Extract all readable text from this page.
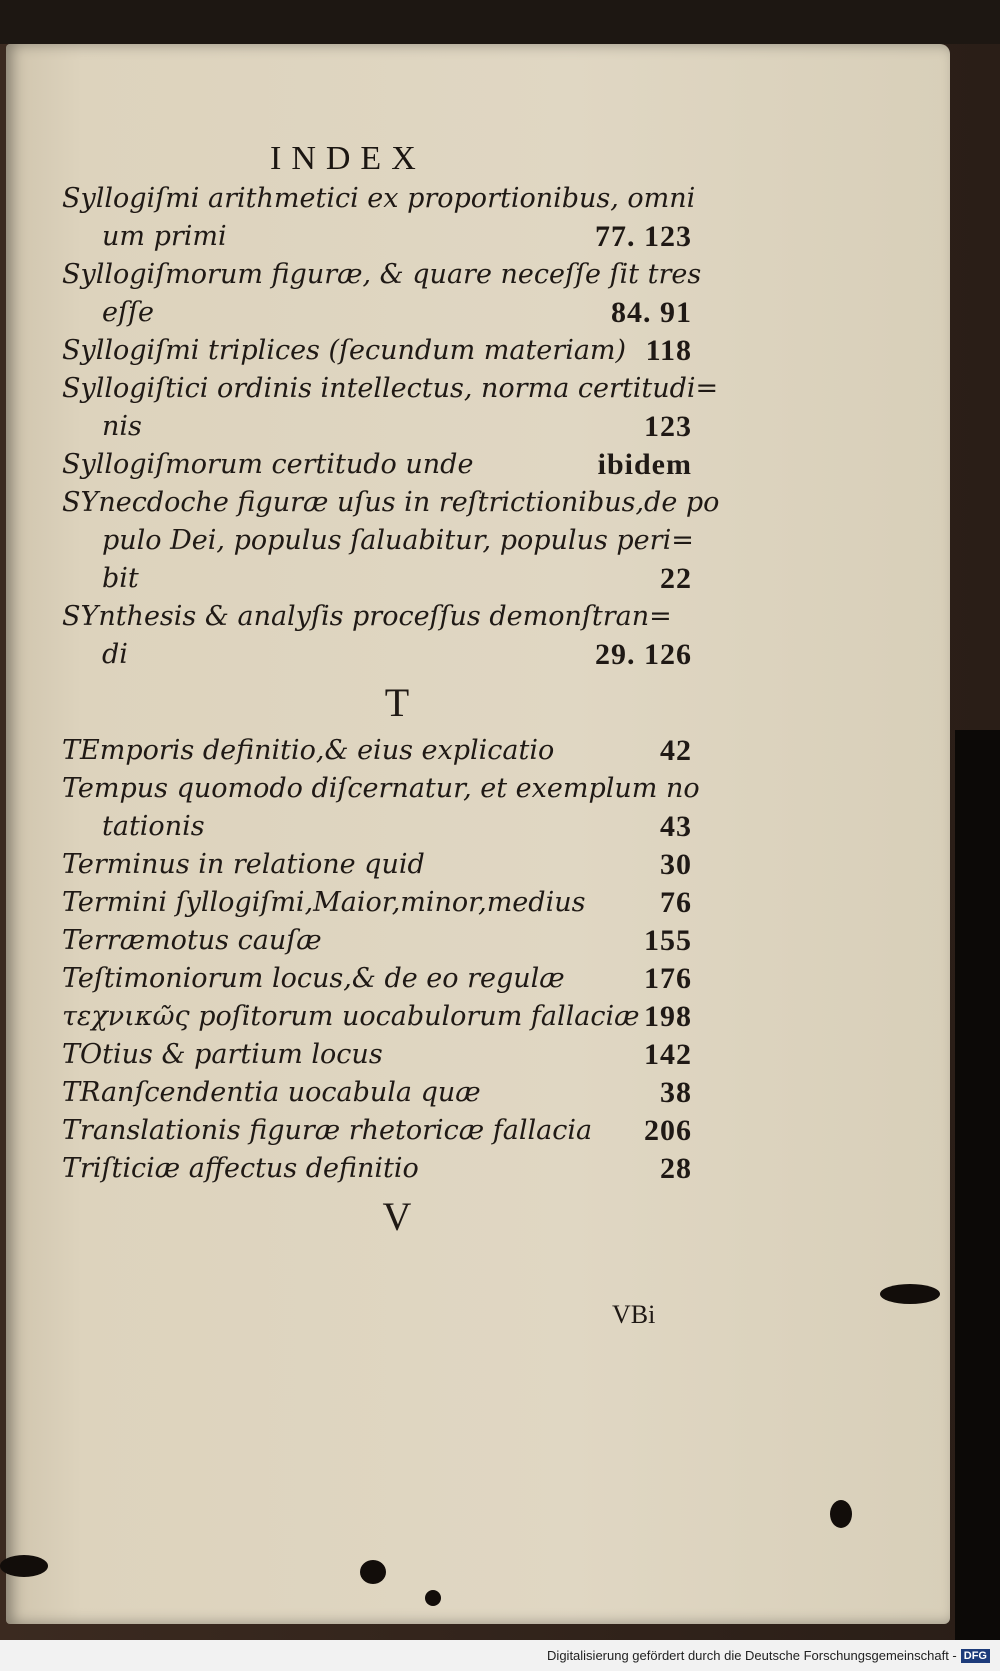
INDEX
Syllogiſmi arithmetici ex proportionibus, omni
um primi	77. 123
Syllogiſmorum figuræ, & quare neceſſe ſit tres
eſſe	84. 91
Syllogiſmi triplices (ſecundum materiam) 118
Syllogiſtici ordinis intellectus, norma certitudi=
nis	123
Syllogiſmorum certitudo unde	ibidem
SYnecdoche figuræ uſus in reſtrictionibus,de po
pulo Dei, populus ſaluabitur, populus peri=
bit	22
SYnthesis & analyſis proceſſus demonſtran=
di	29. 126
T
TEmporis definitio,& eius explicatio	42
Tempus quomodo diſcernatur, et exemplum no
tationis	43
Terminus in relatione quid	30
Termini ſyllogiſmi,Maior,minor,medius 76
Terræmotus cauſæ	155
Teſtimoniorum locus,& de eo regulæ	176
τεχνικῶς poſitorum uocabulorum fallaciæ 198
TOtius & partium locus	142
TRanſcendentia uocabula quæ	38
Translationis figuræ rhetoricæ fallacia 206
Triſticiæ affectus definitio	28
V
VBi
Digitalisierung gefördert durch die Deutsche Forschungsgemeinschaft - DFG
